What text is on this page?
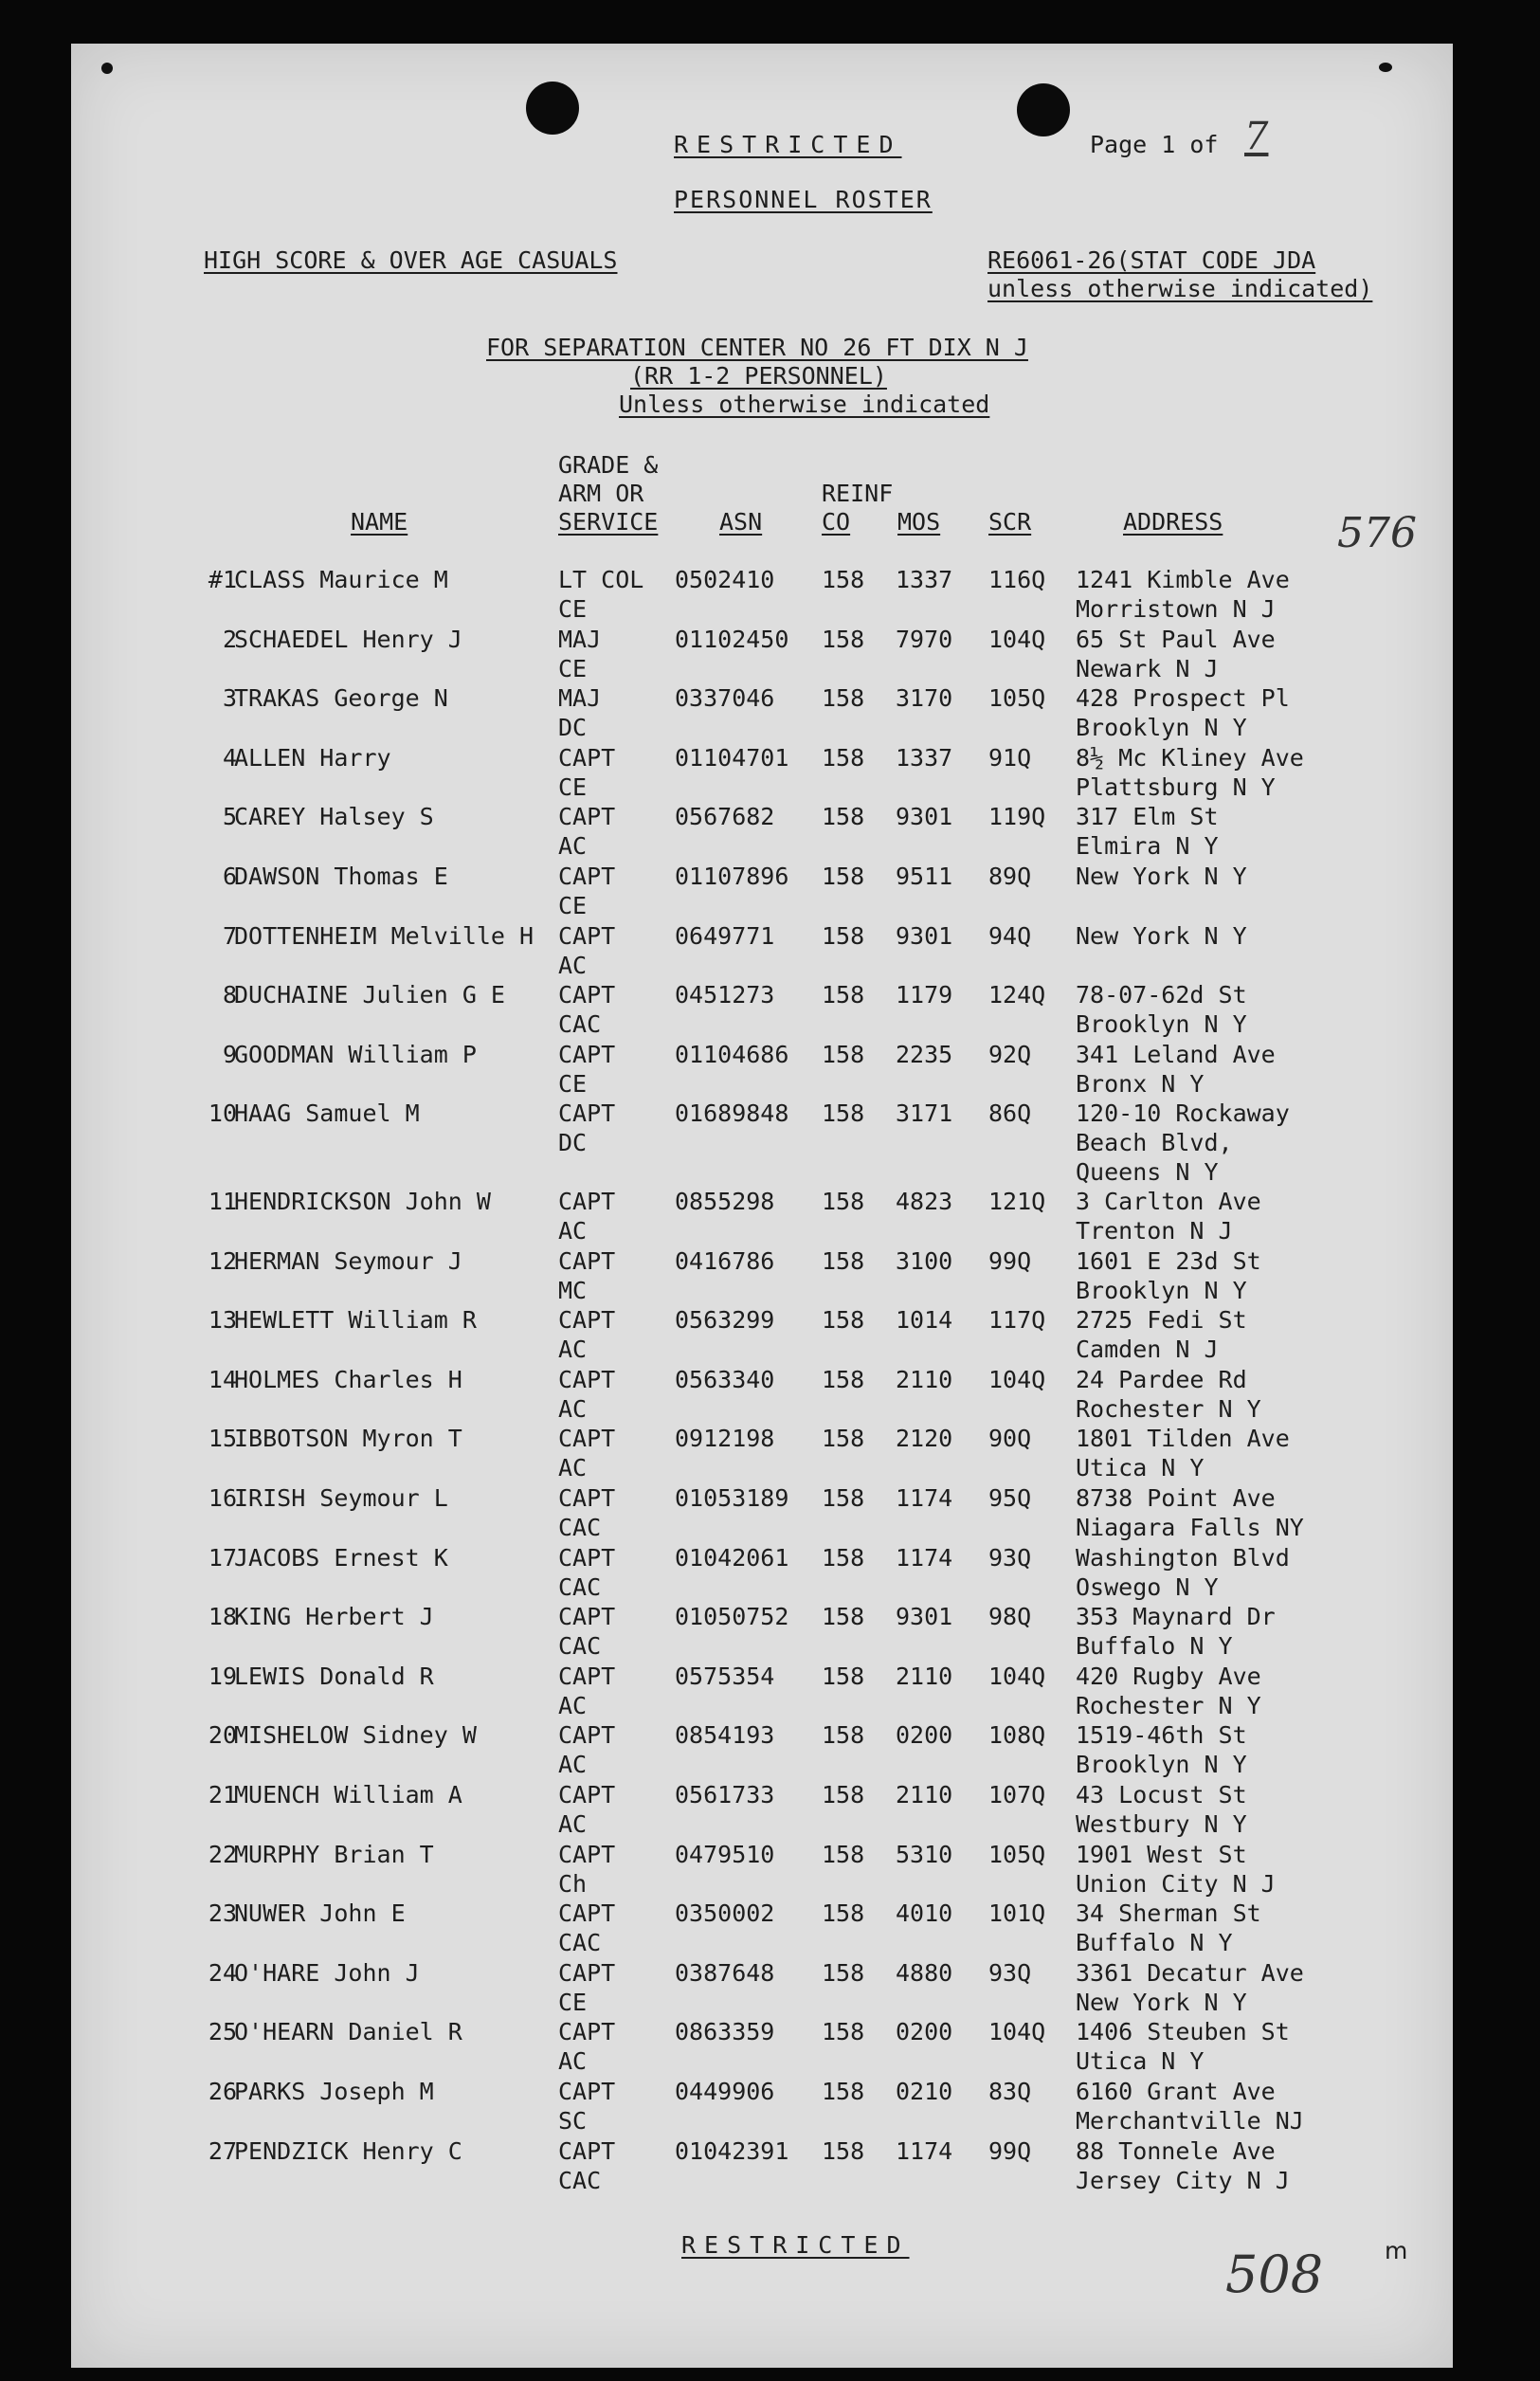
RESTRICTED	Page 1 of 7
PERSONNEL ROSTER
HIGH SCORE & OVER AGE CASUALS	RE6061-26(STAT CODE JDA
unless otherwise indicated)
FOR SEPARATION CENTER NO 26 FT DIX N J
(RR 1-2 PERSONNEL)
Unless otherwise indicated
GRADE &
ARM OR
SERVICE
REINF
NAME	ASN	CO MOS SCR	ADDRESS	576
#1
CLASS Maurice M	LT COL 0502410 158 1337 116Q 1241 Kimble Ave
CE	Morristown N J
2
SCHAEDEL Henry J	MAJ	01102450 158 7970 104Q 65 St Paul Ave
CE	Newark N J
3
TRAKAS George N	MAJ	0337046 158 3170 105Q 428 Prospect Pl
DC	Brooklyn N Y
4
ALLEN Harry	CAPT	01104701 158 1337 91Q 8½ Mc Kliney Ave
CE	Plattsburg N Y
5
CAREY Halsey S	CAPT	0567682 158 9301 119Q 317 Elm St
AC	Elmira N Y
6
DAWSON Thomas E	CAPT	01107896 158 9511 89Q New York N Y
CE
7
DOTTENHEIM Melville H CAPT	0649771 158 9301 94Q New York N Y
AC
8
DUCHAINE Julien G E CAPT	0451273 158 1179 124Q 78-07-62d St
CAC	Brooklyn N Y
9
GOODMAN William P	CAPT	01104686 158 2235 92Q 341 Leland Ave
CE	Bronx N Y
10
HAAG Samuel M	CAPT	01689848 158 3171 86Q 120-10 Rockaway
DC	Beach Blvd,
Queens N Y
11
HENDRICKSON John W	CAPT	0855298 158 4823 121Q 3 Carlton Ave
AC	Trenton N J
12
HERMAN Seymour J	CAPT	0416786 158 3100 99Q 1601 E 23d St
MC	Brooklyn N Y
13
HEWLETT William R	CAPT	0563299 158 1014 117Q 2725 Fedi St
AC	Camden N J
14
HOLMES Charles H	CAPT	0563340 158 2110 104Q 24 Pardee Rd
AC	Rochester N Y
15
IBBOTSON Myron T	CAPT	0912198 158 2120 90Q 1801 Tilden Ave
AC	Utica N Y
16
IRISH Seymour L	CAPT	01053189 158 1174 95Q 8738 Point Ave
CAC	Niagara Falls NY
17
JACOBS Ernest K	CAPT	01042061 158 1174 93Q Washington Blvd
CAC	Oswego N Y
18
KING Herbert J	CAPT	01050752 158 9301 98Q 353 Maynard Dr
CAC	Buffalo N Y
19
LEWIS Donald R	CAPT	0575354 158 2110 104Q 420 Rugby Ave
AC	Rochester N Y
20
MISHELOW Sidney W	CAPT	0854193 158 0200 108Q 1519-46th St
AC	Brooklyn N Y
21
MUENCH William A	CAPT	0561733 158 2110 107Q 43 Locust St
AC	Westbury N Y
22
MURPHY Brian T	CAPT	0479510 158 5310 105Q 1901 West St
Ch	Union City N J
23
NUWER John E	CAPT	0350002 158 4010 101Q 34 Sherman St
CAC	Buffalo N Y
24
O'HARE John J	CAPT	0387648 158 4880 93Q 3361 Decatur Ave
CE	New York N Y
25
O'HEARN Daniel R	CAPT	0863359 158 0200 104Q 1406 Steuben St
AC	Utica N Y
26
PARKS Joseph M	CAPT	0449906 158 0210 83Q 6160 Grant Ave
SC	Merchantville NJ
27
PENDZICK Henry C	CAPT	01042391 158 1174 99Q 88 Tonnele Ave
CAC	Jersey City N J
RESTRICTED	508	m
